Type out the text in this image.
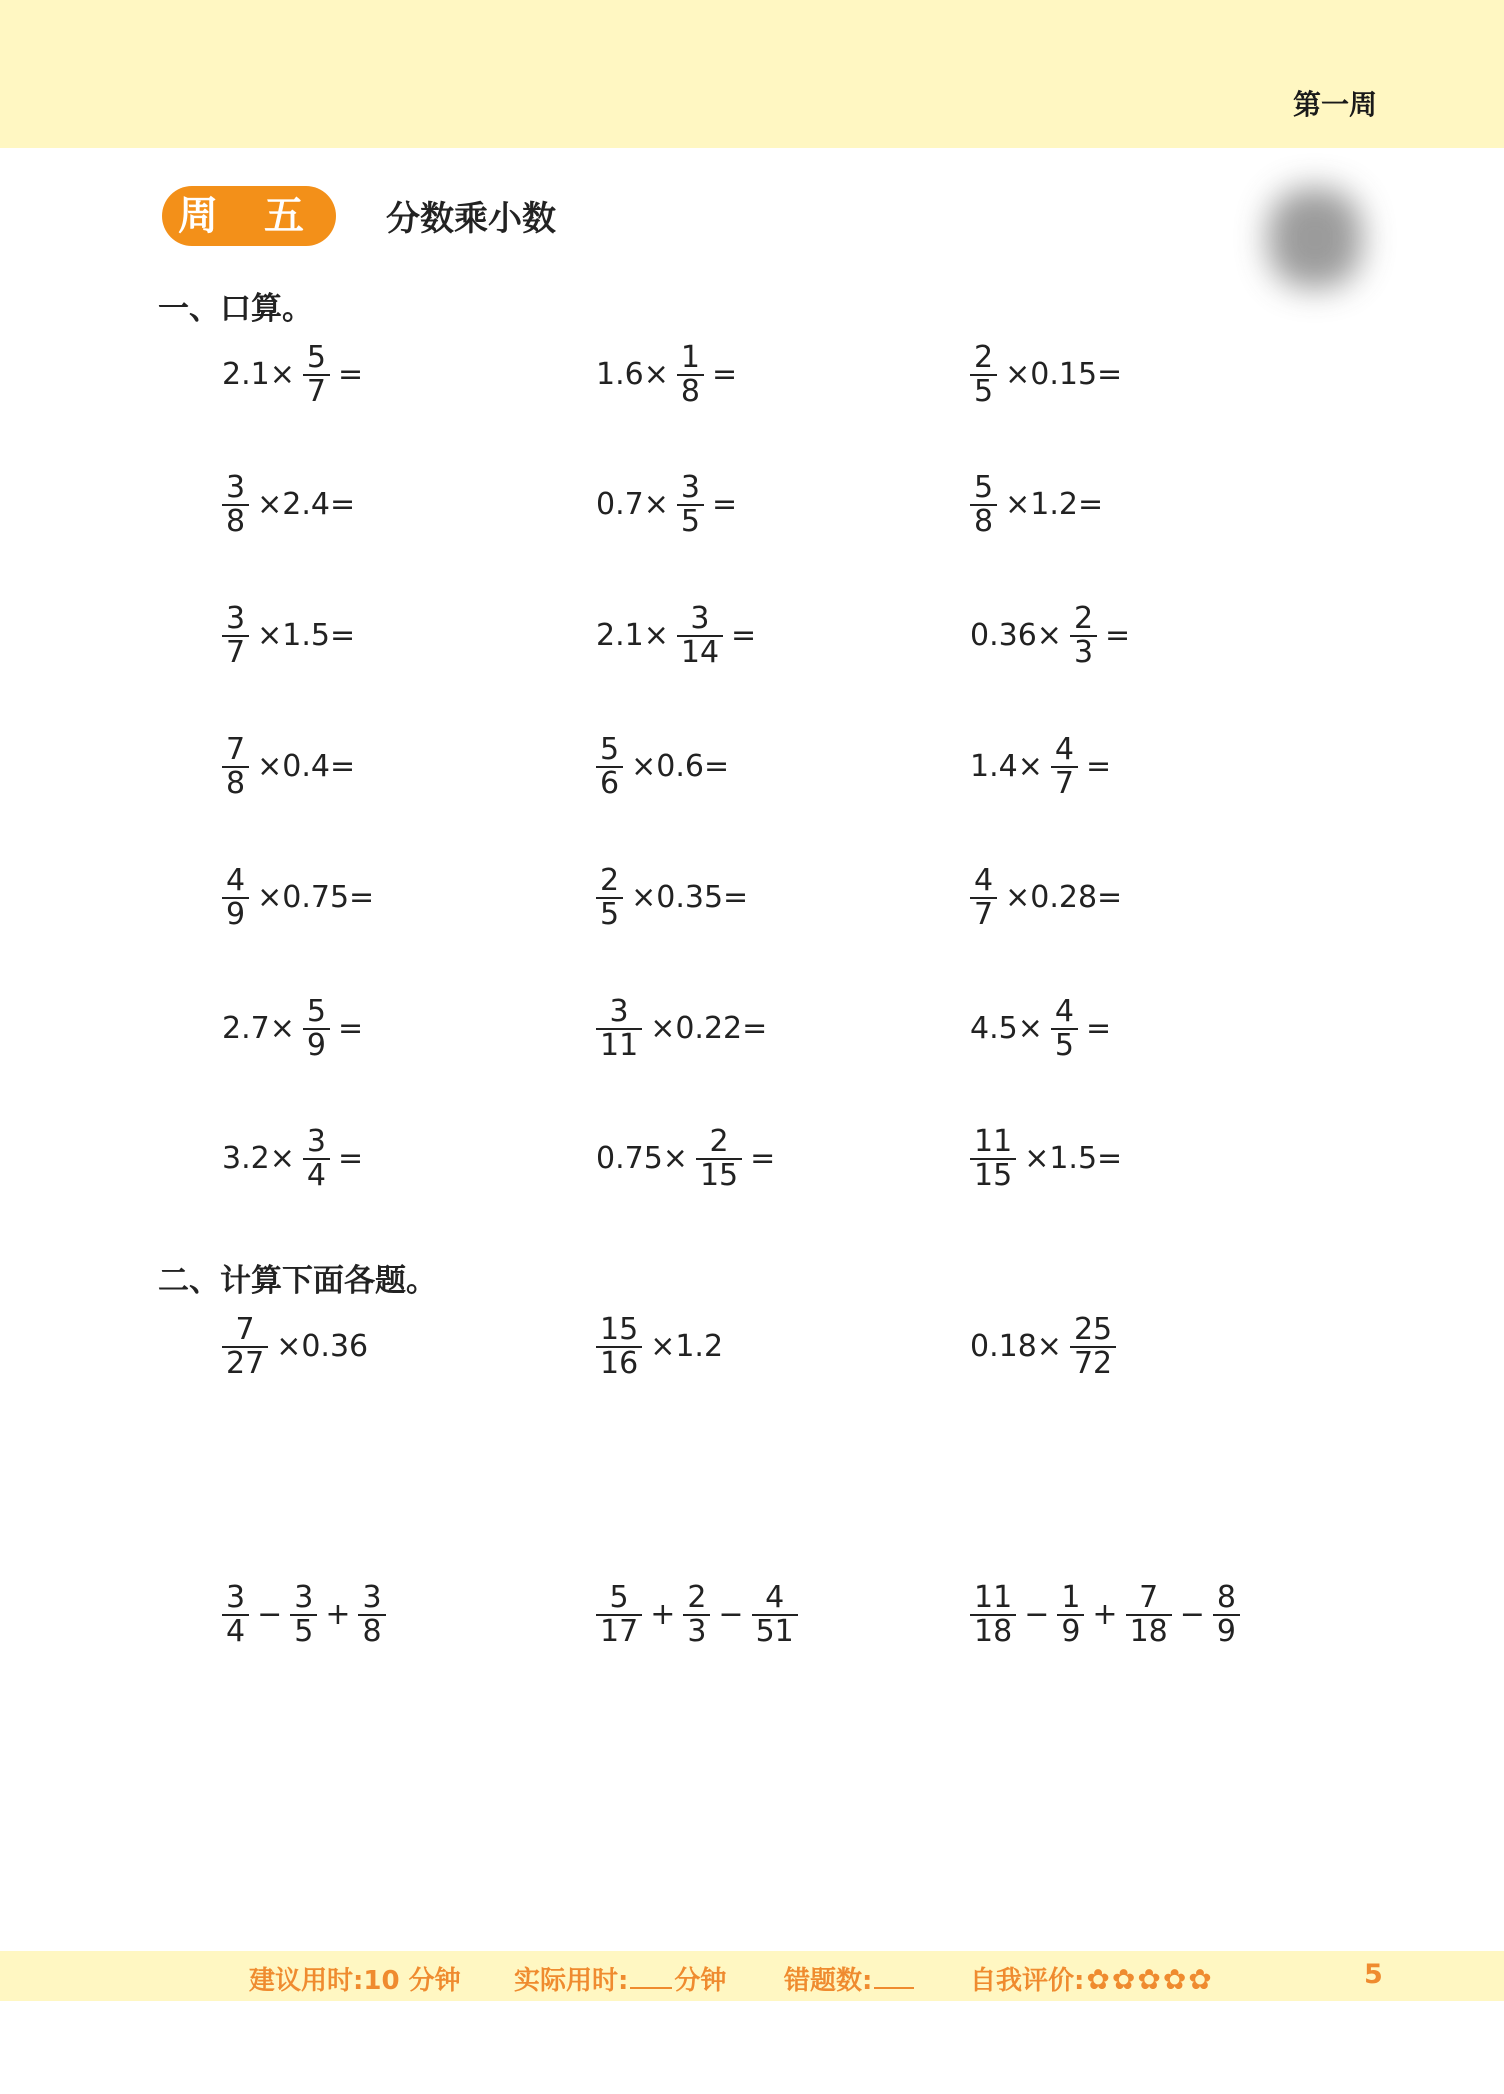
第一周
周 五	分数乘小数
一、口算。
$2.1\times \frac{5}{7}$ =	$1.6\times \frac{1}{8}$ =	$\frac{2}{5} \times 0.15=$
$\frac{3}{8} \times 2.4=$	$0.7\times \frac{3}{5}$ =	$\frac{5}{8} \times 1.2=$
$\frac{3}{7} \times 1.5=$	$2.1\times \frac{3}{14}$ =	$0.36\times \frac{2}{3}$ =
$\frac{7}{8} \times 0.4=$	$\frac{5}{6} \times 0.6=$	$1.4\times \frac{4}{7}$ =
$\frac{4}{9} \times 0.75=$	$\frac{2}{5} \times 0.35=$	$\frac{4}{7} \times 0.28=$
$2.7\times \frac{5}{9}$ =	$\frac{3}{11} \times 0.22=$	$4.5\times \frac{4}{5}$ =
$3.2\times \frac{3}{4}$ =	$0.75\times \frac{2}{15}$ =	$\frac{11}{15} \times 1.5=$
二、计算下面各题。
$\frac{7}{27} \times 0.36$	$\frac{15}{16} \times 1.2$	$0.18\times \frac{25}{72}$
$\frac{3}{4} - \frac{3}{5} + \frac{3}{8}$	$\frac{5}{17} + \frac{2}{3} - \frac{4}{51}$	$\frac{11}{18} - \frac{1}{9} + \frac{7}{18} - \frac{8}{9}$
建议用时:10 分钟 实际用时: 分钟 错题数:	自我评价:✿✿✿✿✿	5
